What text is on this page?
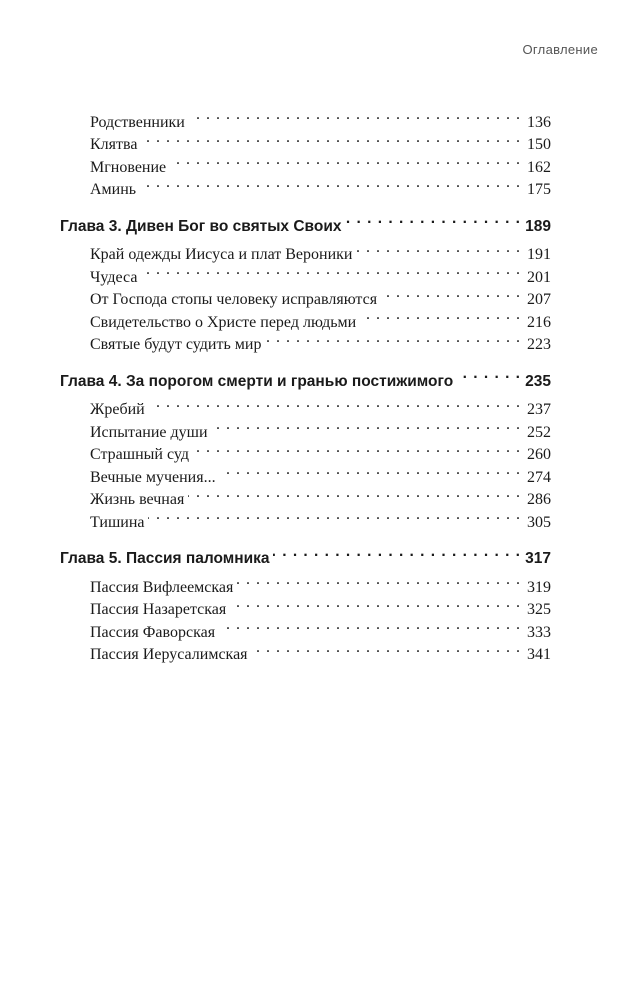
Оглавление
Родственники . . .	136
Клятва . . .	150
Мгновение . . .	162
Аминь . . .	175
Глава 3. Дивен Бог во святых Своих . . .	189
Край одежды Иисуса и плат Вероники . . .	191
Чудеса . . .	201
От Господа стопы человеку исправляются . . .	207
Свидетельство о Христе перед людьми . . .	216
Святые будут судить мир . . .	223
Глава 4. За порогом смерти и гранью постижимого . . .	235
Жребий . . .	237
Испытание души . . .	252
Страшный суд . . .	260
Вечные мучения... . . .	274
Жизнь вечная . . .	286
Тишина . . .	305
Глава 5. Пассия паломника . . .	317
Пассия Вифлеемская . . .	319
Пассия Назаретская . . .	325
Пассия Фаворская . . .	333
Пассия Иерусалимская . . .	341
